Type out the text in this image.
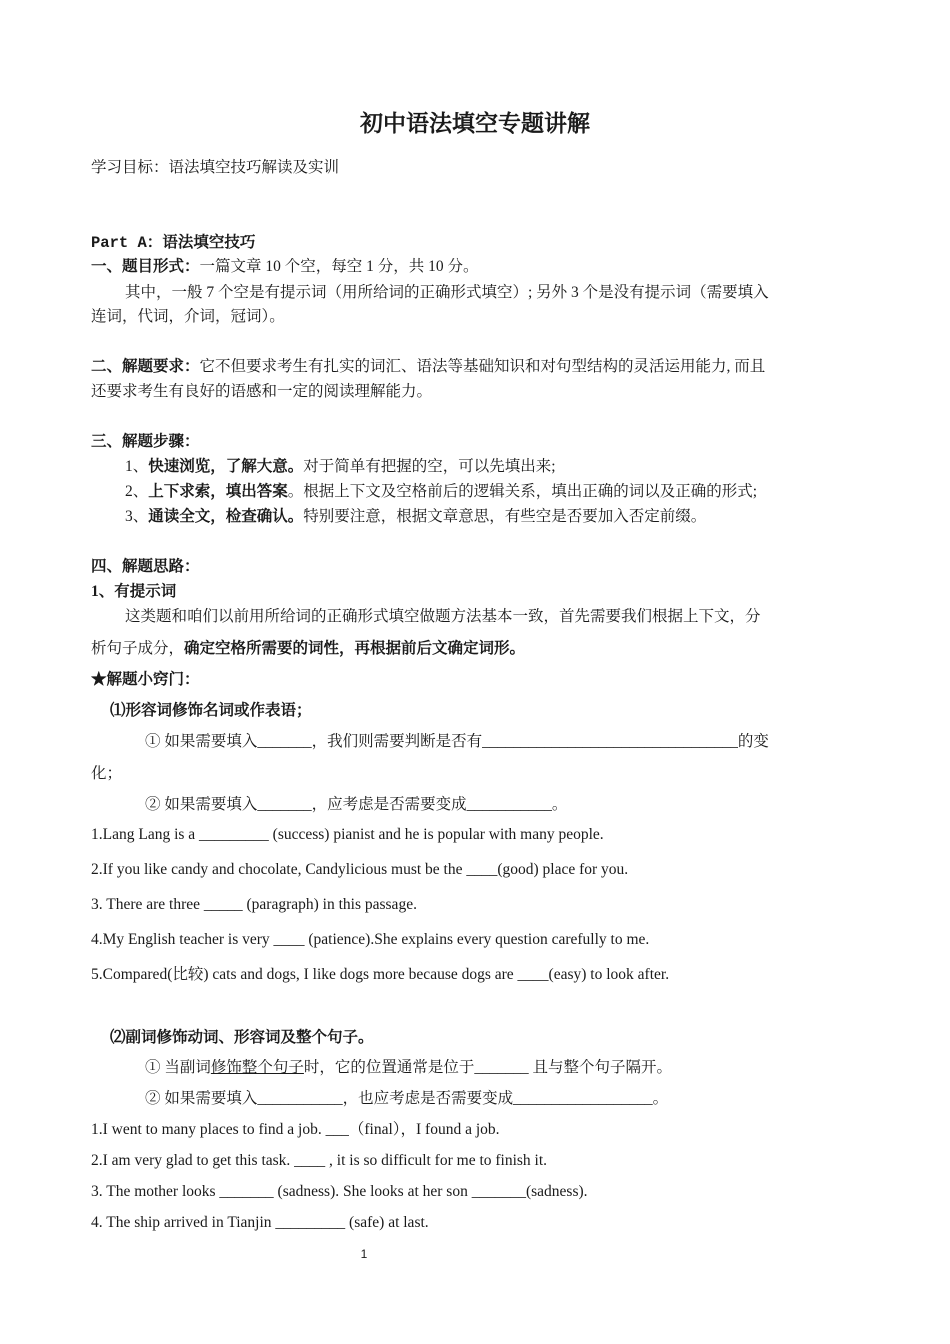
初中语法填空专题讲解
学习目标：语法填空技巧解读及实训
Part A：语法填空技巧
一、题目形式：一篇文章 10 个空，每空 1 分，共 10 分。
其中，一般 7 个空是有提示词（用所给词的正确形式填空）; 另外 3 个是没有提示词（需要填入
连词，代词，介词，冠词）。
二、解题要求：它不但要求考生有扎实的词汇、语法等基础知识和对句型结构的灵活运用能力, 而且
还要求考生有良好的语感和一定的阅读理解能力。
三、解题步骤：
1、快速浏览，了解大意。对于简单有把握的空，可以先填出来;
2、上下求索，填出答案。根据上下文及空格前后的逻辑关系，填出正确的词以及正确的形式;
3、通读全文，检查确认。特别要注意，根据文章意思，有些空是否要加入否定前缀。
四、解题思路：
1、有提示词
这类题和咱们以前用所给词的正确形式填空做题方法基本一致，首先需要我们根据上下文，分
析句子成分，确定空格所需要的词性，再根据前后文确定词形。
★解题小窍门：
⑴形容词修饰名词或作表语；
① 如果需要填入_______，我们则需要判断是否有_________________________________的变
化；
② 如果需要填入_______，应考虑是否需要变成___________。
1.Lang Lang is a _________ (success) pianist and he is popular with many people.
2.If you like candy and chocolate, Candylicious must be the ____(good) place for you.
3. There are three _____ (paragraph) in this passage.
4.My English teacher is very ____ (patience).She explains every question carefully to me.
5.Compared(比较) cats and dogs, I like dogs more because dogs are ____(easy) to look after.
⑵副词修饰动词、形容词及整个句子。
① 当副词修饰整个句子时，它的位置通常是位于_______ 且与整个句子隔开。
② 如果需要填入___________，也应考虑是否需要变成__________________。
1.I went to many places to find a job. ___（final），I found a job.
2.I am very glad to get this task. ____ , it is so difficult for me to finish it.
3. The mother looks _______ (sadness). She looks at her son _______(sadness).
4. The ship arrived in Tianjin _________ (safe) at last.
1
